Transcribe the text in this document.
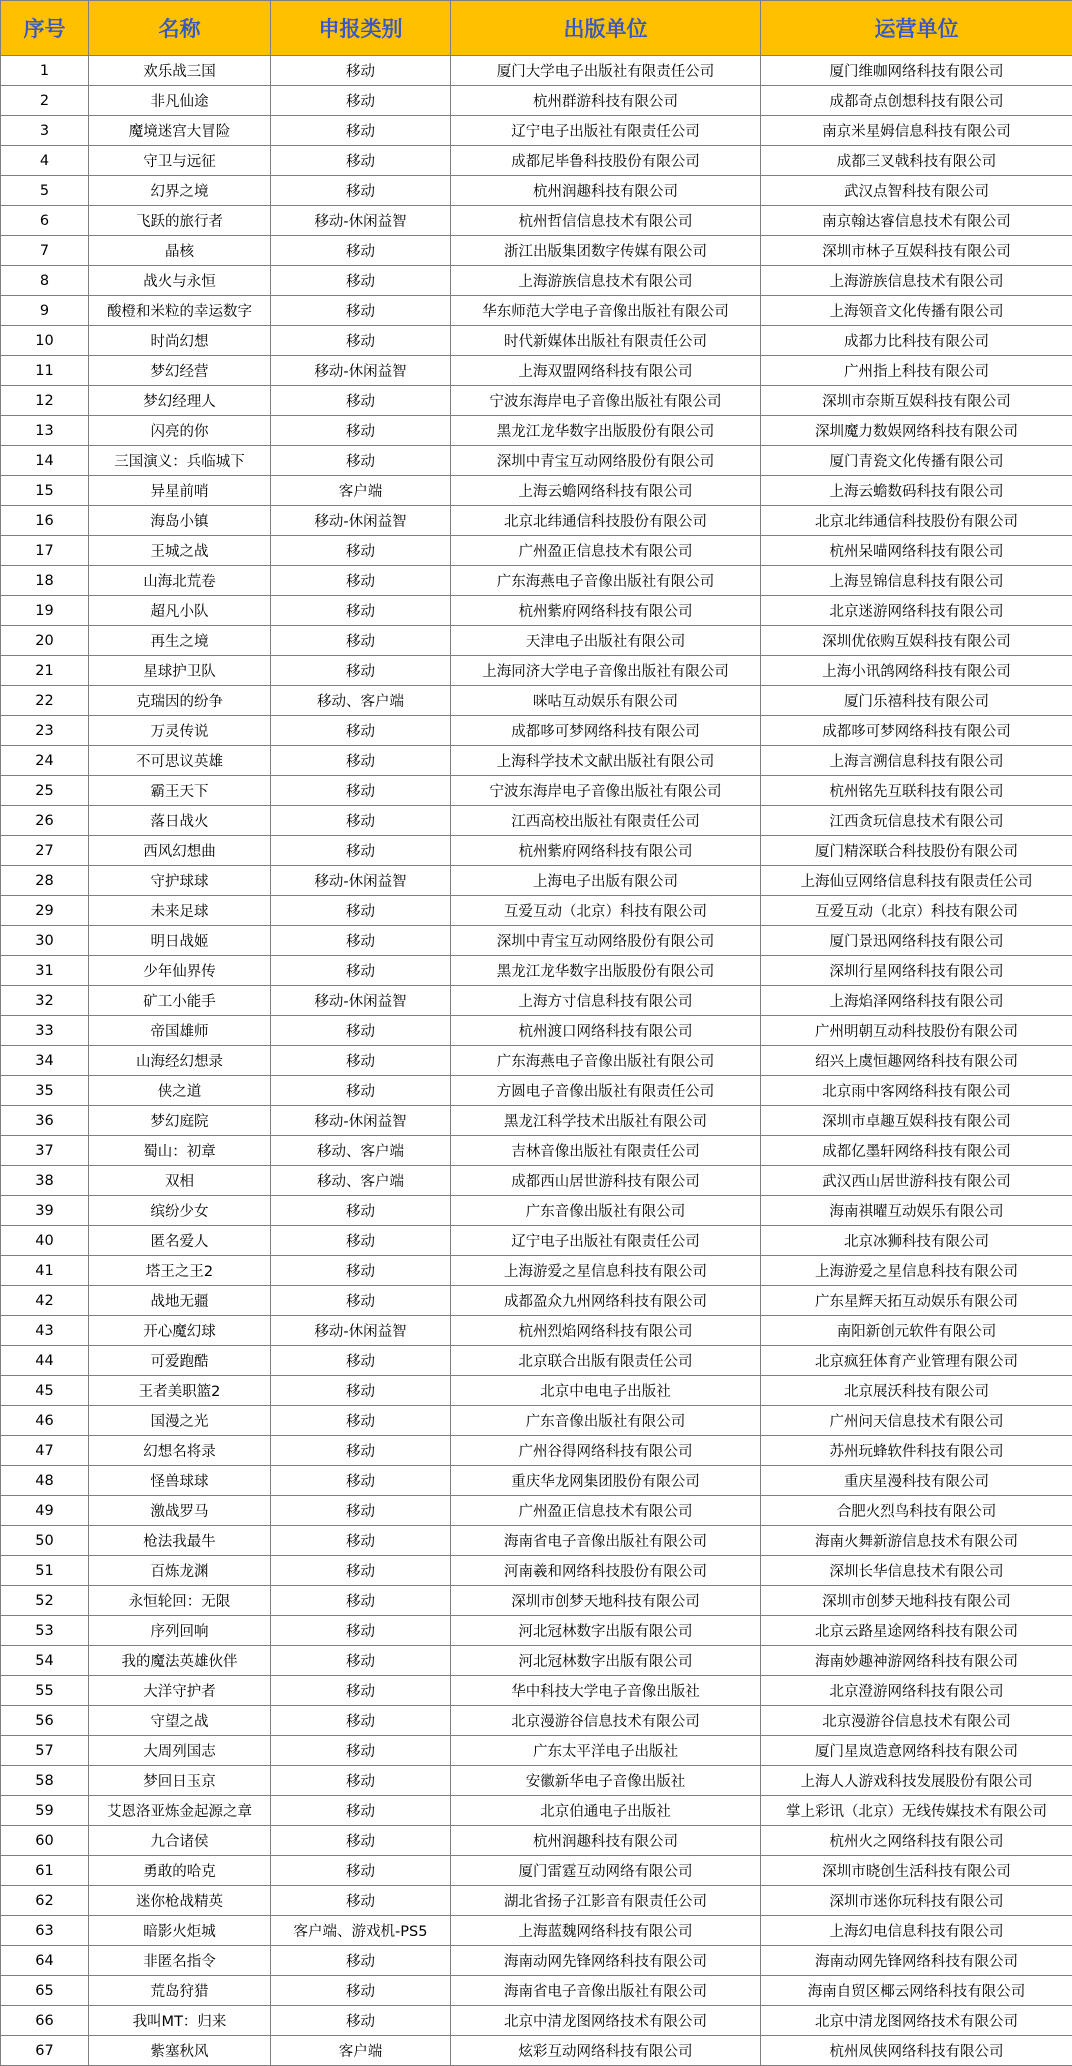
序号	名称	申报类别	出版单位	运营单位
1	欢乐战三国	移动	厦门大学电子出版社有限责任公司	厦门维咖网络科技有限公司
2	非凡仙途	移动	杭州群游科技有限公司	成都奇点创想科技有限公司
3	魔境迷宫大冒险	移动	辽宁电子出版社有限责任公司	南京米星姆信息科技有限公司
4	守卫与远征	移动	成都尼毕鲁科技股份有限公司	成都三叉戟科技有限公司
5	幻界之境	移动	杭州润趣科技有限公司	武汉点智科技有限公司
6	飞跃的旅行者	移动-休闲益智	杭州哲信信息技术有限公司	南京翰达睿信息技术有限公司
7	晶核	移动	浙江出版集团数字传媒有限公司	深圳市林子互娱科技有限公司
8	战火与永恒	移动	上海游族信息技术有限公司	上海游族信息技术有限公司
9	酸橙和米粒的幸运数字	移动	华东师范大学电子音像出版社有限公司	上海领音文化传播有限公司
10	时尚幻想	移动	时代新媒体出版社有限责任公司	成都力比科技有限公司
11	梦幻经营	移动-休闲益智	上海双盟网络科技有限公司	广州指上科技有限公司
12	梦幻经理人	移动	宁波东海岸电子音像出版社有限公司	深圳市奈斯互娱科技有限公司
13	闪亮的你	移动	黑龙江龙华数字出版股份有限公司	深圳魔力数娱网络科技有限公司
14	三国演义：兵临城下	移动	深圳中青宝互动网络股份有限公司	厦门青瓷文化传播有限公司
15	异星前哨	客户端	上海云蟾网络科技有限公司	上海云蟾数码科技有限公司
16	海岛小镇	移动-休闲益智	北京北纬通信科技股份有限公司	北京北纬通信科技股份有限公司
17	王城之战	移动	广州盈正信息技术有限公司	杭州呆喵网络科技有限公司
18	山海北荒卷	移动	广东海燕电子音像出版社有限公司	上海昱锦信息科技有限公司
19	超凡小队	移动	杭州紫府网络科技有限公司	北京迷游网络科技有限公司
20	再生之境	移动	天津电子出版社有限公司	深圳优依购互娱科技有限公司
21	星球护卫队	移动	上海同济大学电子音像出版社有限公司	上海小讯鸽网络科技有限公司
22	克瑞因的纷争	移动、客户端	咪咕互动娱乐有限公司	厦门乐禧科技有限公司
23	万灵传说	移动	成都哆可梦网络科技有限公司	成都哆可梦网络科技有限公司
24	不可思议英雄	移动	上海科学技术文献出版社有限公司	上海言溯信息科技有限公司
25	霸王天下	移动	宁波东海岸电子音像出版社有限公司	杭州铭先互联科技有限公司
26	落日战火	移动	江西高校出版社有限责任公司	江西贪玩信息技术有限公司
27	西风幻想曲	移动	杭州紫府网络科技有限公司	厦门精深联合科技股份有限公司
28	守护球球	移动-休闲益智	上海电子出版有限公司	上海仙豆网络信息科技有限责任公司
29	未来足球	移动	互爱互动（北京）科技有限公司	互爱互动（北京）科技有限公司
30	明日战姬	移动	深圳中青宝互动网络股份有限公司	厦门景迅网络科技有限公司
31	少年仙界传	移动	黑龙江龙华数字出版股份有限公司	深圳行星网络科技有限公司
32	矿工小能手	移动-休闲益智	上海方寸信息科技有限公司	上海焰泽网络科技有限公司
33	帝国雄师	移动	杭州渡口网络科技有限公司	广州明朝互动科技股份有限公司
34	山海经幻想录	移动	广东海燕电子音像出版社有限公司	绍兴上虞恒趣网络科技有限公司
35	侠之道	移动	方圆电子音像出版社有限责任公司	北京雨中客网络科技有限公司
36	梦幻庭院	移动-休闲益智	黑龙江科学技术出版社有限公司	深圳市卓趣互娱科技有限公司
37	蜀山：初章	移动、客户端	吉林音像出版社有限责任公司	成都亿墨轩网络科技有限公司
38	双相	移动、客户端	成都西山居世游科技有限公司	武汉西山居世游科技有限公司
39	缤纷少女	移动	广东音像出版社有限公司	海南祺曜互动娱乐有限公司
40	匿名爱人	移动	辽宁电子出版社有限责任公司	北京冰狮科技有限公司
41	塔王之王2	移动	上海游爱之星信息科技有限公司	上海游爱之星信息科技有限公司
42	战地无疆	移动	成都盈众九州网络科技有限公司	广东星辉天拓互动娱乐有限公司
43	开心魔幻球	移动-休闲益智	杭州烈焰网络科技有限公司	南阳新创元软件有限公司
44	可爱跑酷	移动	北京联合出版有限责任公司	北京疯狂体育产业管理有限公司
45	王者美职篮2	移动	北京中电电子出版社	北京展沃科技有限公司
46	国漫之光	移动	广东音像出版社有限公司	广州问天信息技术有限公司
47	幻想名将录	移动	广州谷得网络科技有限公司	苏州玩蜂软件科技有限公司
48	怪兽球球	移动	重庆华龙网集团股份有限公司	重庆星漫科技有限公司
49	激战罗马	移动	广州盈正信息技术有限公司	合肥火烈鸟科技有限公司
50	枪法我最牛	移动	海南省电子音像出版社有限公司	海南火舞新游信息技术有限公司
51	百炼龙渊	移动	河南羲和网络科技股份有限公司	深圳长华信息技术有限公司
52	永恒轮回：无限	移动	深圳市创梦天地科技有限公司	深圳市创梦天地科技有限公司
53	序列回响	移动	河北冠林数字出版有限公司	北京云路星途网络科技有限公司
54	我的魔法英雄伙伴	移动	河北冠林数字出版有限公司	海南妙趣神游网络科技有限公司
55	大洋守护者	移动	华中科技大学电子音像出版社	北京澄游网络科技有限公司
56	守望之战	移动	北京漫游谷信息技术有限公司	北京漫游谷信息技术有限公司
57	大周列国志	移动	广东太平洋电子出版社	厦门星岚造意网络科技有限公司
58	梦回日玉京	移动	安徽新华电子音像出版社	上海人人游戏科技发展股份有限公司
59	艾恩洛亚炼金起源之章	移动	北京伯通电子出版社	掌上彩讯（北京）无线传媒技术有限公司
60	九合诸侯	移动	杭州润趣科技有限公司	杭州火之网络科技有限公司
61	勇敢的哈克	移动	厦门雷霆互动网络有限公司	深圳市晓创生活科技有限公司
62	迷你枪战精英	移动	湖北省扬子江影音有限责任公司	深圳市迷你玩科技有限公司
63	暗影火炬城	客户端、游戏机-PS5	上海蓝魏网络科技有限公司	上海幻电信息科技有限公司
64	非匿名指令	移动	海南动网先锋网络科技有限公司	海南动网先锋网络科技有限公司
65	荒岛狩猎	移动	海南省电子音像出版社有限公司	海南自贸区椰云网络科技有限公司
66	我叫MT：归来	移动	北京中清龙图网络技术有限公司	北京中清龙图网络技术有限公司
67	紫塞秋风	客户端	炫彩互动网络科技有限公司	杭州凤侠网络科技有限公司
